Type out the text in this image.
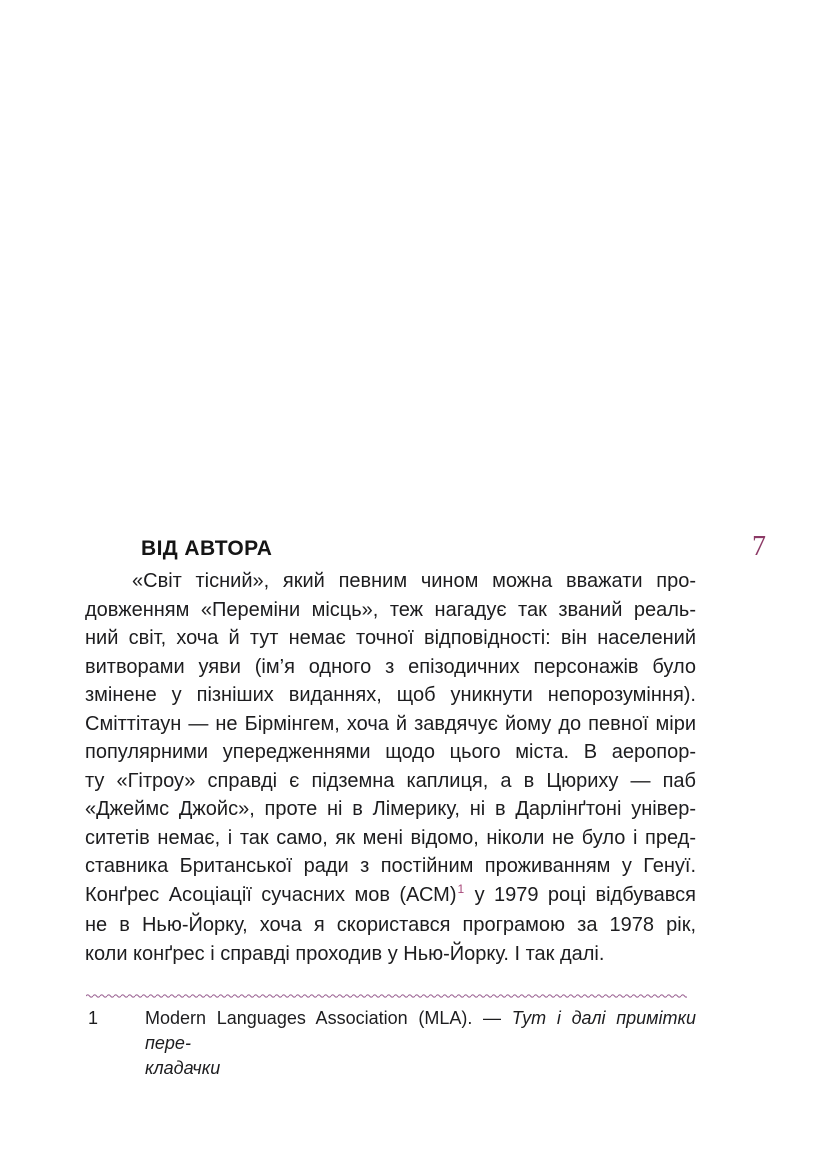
7
ВІД АВТОРА
«Світ тісний», який певним чином можна вважати про-
довженням «Переміни місць», теж нагадує так званий реаль-
ний світ, хоча й тут немає точної відповідності: він населений
витворами уяви (ім’я одного з епізодичних персонажів було
змінене у пізніших виданнях, щоб уникнути непорозуміння).
Сміттітаун — не Бірмінгем, хоча й завдячує йому до певної міри
популярними упередженнями щодо цього міста. В аеропор-
ту «Гітроу» справді є підземна каплиця, а в Цюриху — паб
«Джеймс Джойс», проте ні в Лімерику, ні в Дарлінґтоні універ-
ситетів немає, і так само, як мені відомо, ніколи не було і пред-
ставника Британської ради з постійним проживанням у Генуї.
Конґрес Асоціації сучасних мов (АСМ)$^1$ у 1979 році відбувався
не в Нью-Йорку, хоча я скористався програмою за 1978 рік,
коли конґрес і справді проходив у Нью-Йорку. І так далі.
1	Modern Languages Association (MLA). — Тут і далі примітки пере-
кладачки
